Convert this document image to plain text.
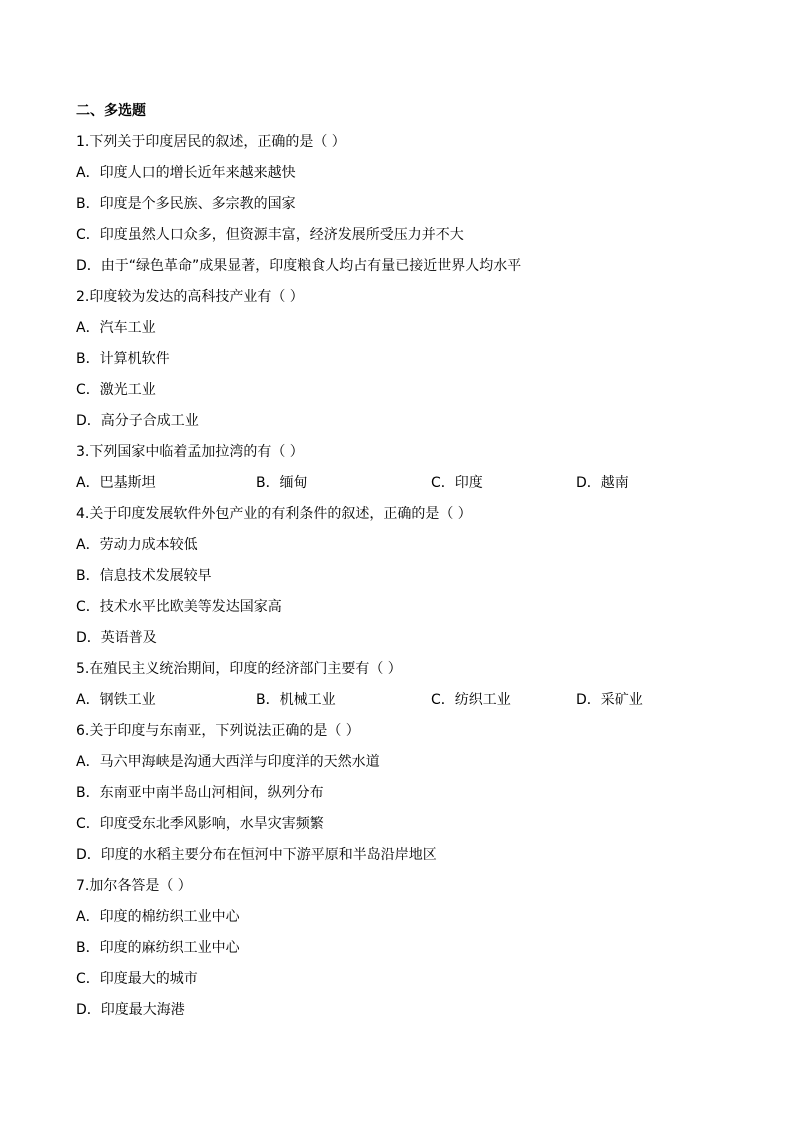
二、多选题
1.下列关于印度居民的叙述，正确的是（ ）
A．印度人口的增长近年来越来越快
B．印度是个多民族、多宗教的国家
C．印度虽然人口众多，但资源丰富，经济发展所受压力并不大
D．由于“绿色革命”成果显著，印度粮食人均占有量已接近世界人均水平
2.印度较为发达的高科技产业有（ ）
A．汽车工业
B．计算机软件
C．激光工业
D．高分子合成工业
3.下列国家中临着孟加拉湾的有（ ）
A．巴基斯坦	B．缅甸	C．印度	D．越南
4.关于印度发展软件外包产业的有利条件的叙述，正确的是（ ）
A．劳动力成本较低
B．信息技术发展较早
C．技术水平比欧美等发达国家高
D．英语普及
5.在殖民主义统治期间，印度的经济部门主要有（ ）
A．钢铁工业	B．机械工业	C．纺织工业	D．采矿业
6.关于印度与东南亚，下列说法正确的是（ ）
A．马六甲海峡是沟通大西洋与印度洋的天然水道
B．东南亚中南半岛山河相间，纵列分布
C．印度受东北季风影响，水旱灾害频繁
D．印度的水稻主要分布在恒河中下游平原和半岛沿岸地区
7.加尔各答是（ ）
A．印度的棉纺织工业中心
B．印度的麻纺织工业中心
C．印度最大的城市
D．印度最大海港
